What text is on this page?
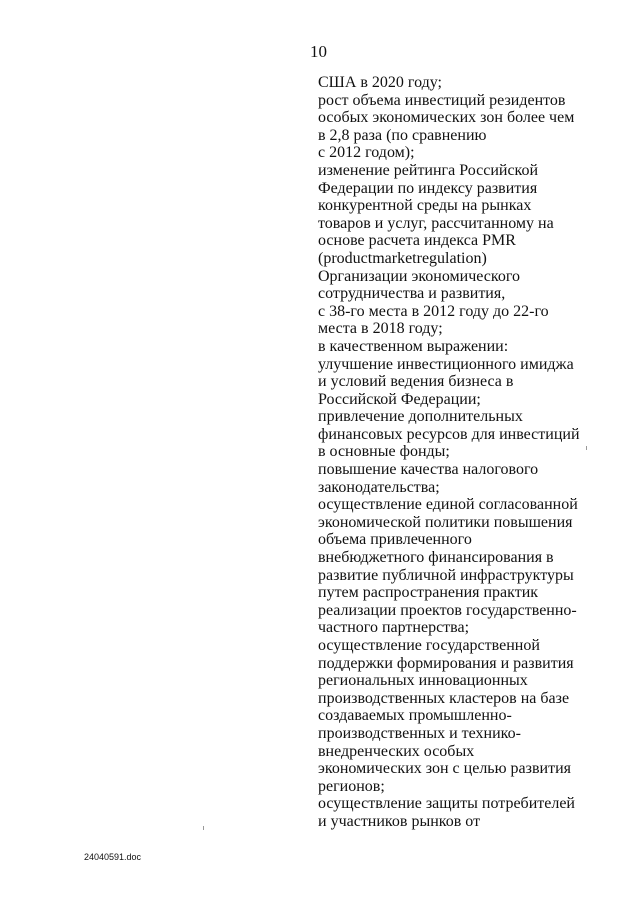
10
США в 2020 году;
рост объема инвестиций резидентов
особых экономических зон более чем
в 2,8 раза (по сравнению
с 2012 годом);
изменение рейтинга Российской
Федерации по индексу развития
конкурентной среды на рынках
товаров и услуг, рассчитанному на
основе расчета индекса PMR
(productmarketregulation)
Организации экономического
сотрудничества и развития,
с 38-го места в 2012 году до 22-го
места в 2018 году;
в качественном выражении:
улучшение инвестиционного имиджа
и условий ведения бизнеса в
Российской Федерации;
привлечение дополнительных
финансовых ресурсов для инвестиций
в основные фонды;
повышение качества налогового
законодательства;
осуществление единой согласованной
экономической политики повышения
объема привлеченного
внебюджетного финансирования в
развитие публичной инфраструктуры
путем распространения практик
реализации проектов государственно-
частного партнерства;
осуществление государственной
поддержки формирования и развития
региональных инновационных
производственных кластеров на базе
создаваемых промышленно-
производственных и технико-
внедренческих особых
экономических зон с целью развития
регионов;
осуществление защиты потребителей
и участников рынков от
24040591.doc
